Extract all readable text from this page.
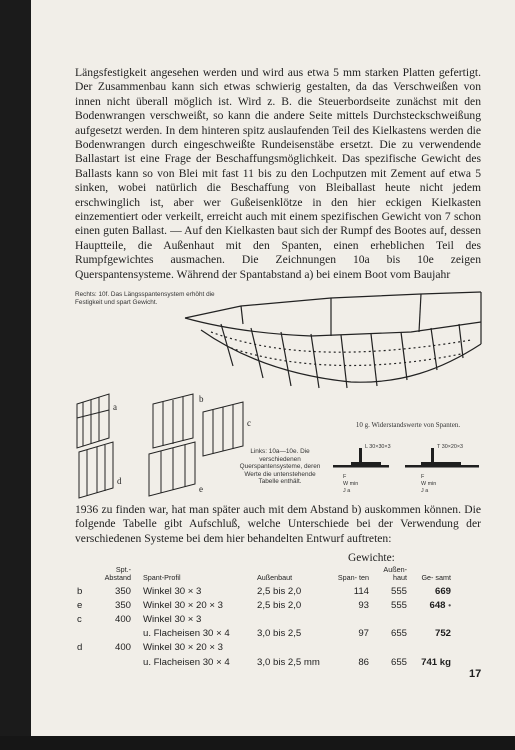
Längsfestigkeit angesehen werden und wird aus etwa 5 mm starken Platten gefertigt. Der Zusammenbau kann sich etwas schwierig gestalten, da das Verschweißen von innen nicht überall möglich ist. Wird z. B. die Steuerbordseite zunächst mit den Bodenwrangen verschweißt, so kann die andere Seite mittels Durchsteckschweißung aufgesetzt werden. In dem hinteren spitz auslaufenden Teil des Kielkastens werden die Bodenwrangen durch eingeschweißte Rundeisenstäbe ersetzt. Die zu verwendende Ballastart ist eine Frage der Beschaffungsmöglichkeit. Das spezifische Gewicht des Ballasts kann so von Blei mit fast 11 bis zu den Lochputzen mit Zement auf etwa 5 sinken, wobei natürlich die Beschaffung von Bleiballast heute nicht jedem erschwinglich ist, aber wer Gußeisenklötze in den hier eckigen Kielkasten einzementiert oder verkeilt, erreicht auch mit einem spezifischen Gewicht von 7 schon einen guten Ballast. — Auf den Kielkasten baut sich der Rumpf des Bootes auf, dessen Hauptteile, die Außenhaut mit den Spanten, einen erheblichen Teil des Rumpfgewichtes ausmachen. Die Zeichnungen 10a bis 10e zeigen Querspantensysteme. Während der Spantabstand a) bei einem Boot vom Baujahr

Rechts: 10f. Das Längsspantensystem erhöht die Festigkeit und spart Gewicht.
a
b
c
d
e
Links: 10a—10e. Die verschiedenen Querspantensysteme, deren Werte die untenstehende Tabelle enthält.
10 g. Widerstandswerte von Spanten.
L 30×30×3	T 30×20×3
F
W min
J a
F
W min
J a

1936 zu finden war, hat man später auch mit dem Abstand b) auskommen können. Die folgende Tabelle gibt Aufschluß, welche Unterschiede bei der Verwendung der verschiedenen Systeme bei dem hier behandelten Entwurf auftreten:

Gewichte:
	Spt.- Abstand	Spant-Profil	Außenbaut	Span- ten	Außen- haut	Ge- samt
b	350	Winkel 30 × 3	2,5 bis 2,0	114	555	669
e	350	Winkel 30 × 20 × 3	2,5 bis 2,0	93	555	648 •
c	400	Winkel 30 × 3				
		u. Flacheisen 30 × 4	3,0 bis 2,5	97	655	752
d	400	Winkel 30 × 20 × 3				
		u. Flacheisen 30 × 4	3,0 bis 2,5 mm	86	655	741 kg
17
